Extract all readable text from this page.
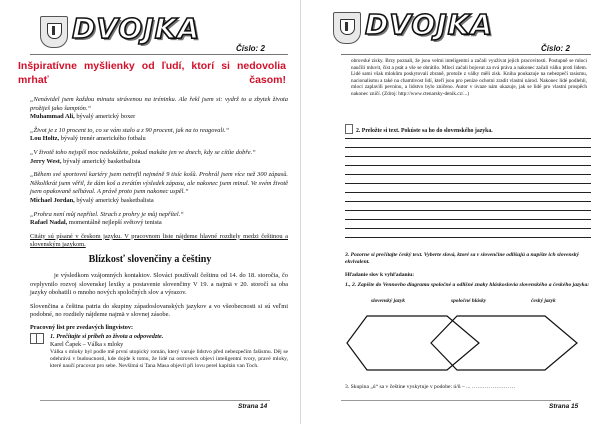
DVOJKA
Číslo: 2
Inšpiratívne myšlienky od ľudí, ktorí si nedovolia mrhať časom!
„Nenávidel jsem každou minutu strávenou na tréninku. Ale řekl jsem si: vydrž to a zbytek života prožiješ jako šampión.“
Muhammad Ali, bývalý americký boxer
„Život je z 10 procent to, co se vám stalo a z 90 procent, jak na to reagovali.“
Lou Holtz, bývalý trenér amerického fotbalu
„V životě toho nejspíš moc nedokážete, pokud makáte jen ve dnech, kdy se cítíte dobře.“
Jerry West, bývalý americký basketbalista
„Během své sportovní kariéry jsem netrefil nejméně 9 tisíc košů. Prohrál jsem více než 300 zápasů. Několikrát jsem věřil, že dám koš a zvrátím výsledek zápasu, ale nakonec jsem minul. Ve svém životě jsem opakovaně selhával. A právě proto jsem nakonec uspěl.“
Michael Jordan, bývalý americký basketbalista
„Prohra není můj nepřítel. Strach z prohry je můj nepřítel.“
Rafael Nadal, momentálně nejlepší světový tenista

Citáty sú písané v českom jazyku. V pracovnom liste nájdeme hlavné rozdiely medzi češtinou a slovenským jazykom.

Blízkosť slovenčiny a češtiny

je výsledkom vzájomných kontaktov. Slováci používali češtinu od 14. do 18. storočia, čo ovplyvnilo rozvoj slovenskej lexiky a postavenie slovenčiny V 19. a najmä v 20. storočí sa oba jazyky obohatili o mnoho nových spoločných slov a výrazov.

Slovenčina a čeština patria do skupiny západoslovanských jazykov a vo všeobecnosti si sú veľmi podobné, no rozdiely nájdeme najmä v slovnej zásobe.

Pracovný list pre zvedavých lingvistov:

1. Prečítajte si príbeh zo života a odpovedzte.
Karel Čapek – Válka s mloky
Válka s mloky byl podle mě první utopický román, který varuje lidstvo před nebezpečím fašismu. Děj se odehrává v budoucnosti, kde dojde k tomu, že lidé na ostrovech objeví inteligentní tvory, pravé mloky, které naučí pracovat pro sebe. Nevšímá si Tana Masa objevil při lovu perel kapitán van Toch.
Strana 14
DVOJKA
Číslo: 2

obrovské zisky. Brzy poznali, že jsou velmi inteligentní a začali využívat jejich pracovitosti. Postupně se mloci naučili mluvit, číst a psát a vše se obrátilo. Mloci začali bojovat za svá práva a nakonec začali válku proti lidem. Lidé sami však mlokům poskytovali zbraně, protože z války měli zisk. Kniha poukazuje na nebezpečí rasismu, nacionalismu a také na chamtivost lidí, kteří jsou pro peníze ochotni zradit vlastní národ. Nakonec lidé podlehli, mloci zaplavili pevninu, a lidstvo bylo zničeno. Autor v úvaze nám ukazuje, jak se lidé pro vlastní prospěch nakonec zničí. (Zdroj: http://www.ctenarsky-denik.cz/...)

2. Preložte si text. Pokúste sa ho do slovenského jazyka.

3. Pozorne si prečítajte český text. Vyberte slová, ktoré sa v slovenčine odlišujú a napíšte ich slovenský ekvivalent.

Hľadanie slov k vyhľadaniu:

1., 2. Zapíšte do Vennovho diagramu spoločné a odlišné znaky hláskoslovia slovenského a českého jazyka:

slovenský jazyk	spoločné hlásky	český jazyk

3. Skupina „ú“ sa v češtine vyskytuje v podobe: ú/ů – ... .......................

Strana 15
